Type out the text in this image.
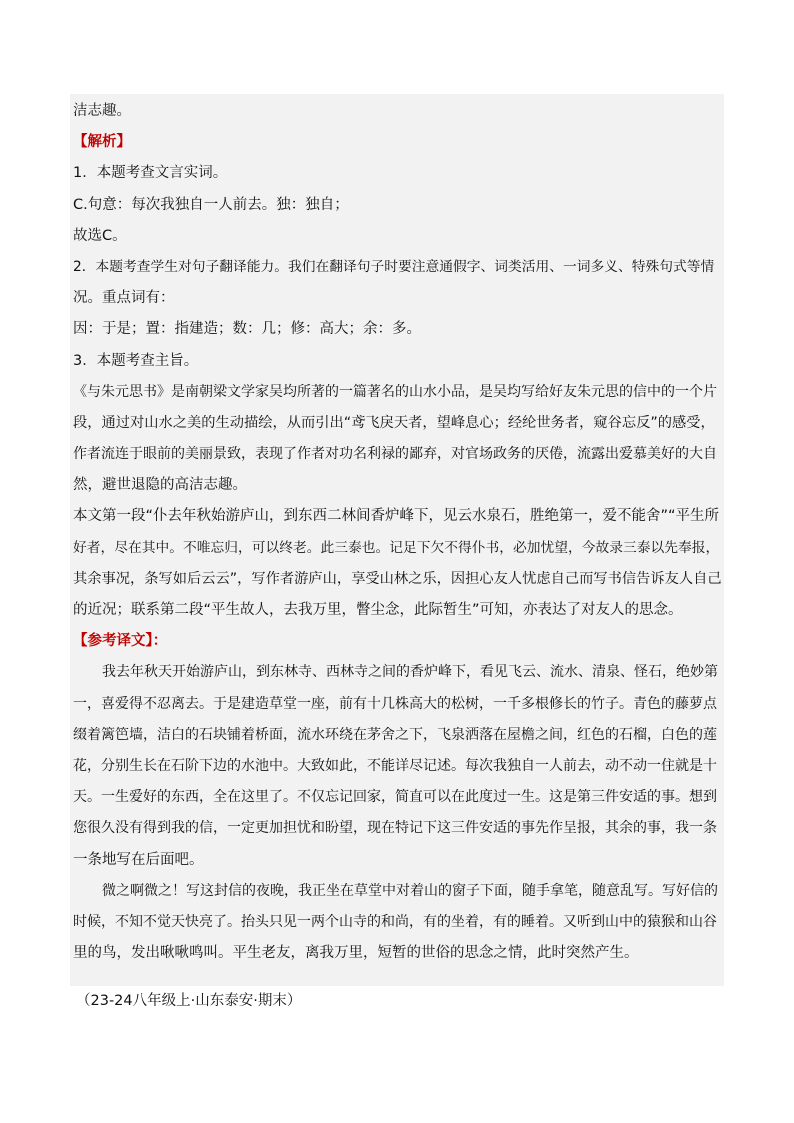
洁志趣。
【解析】
1．本题考查文言实词。
C.句意：每次我独自一人前去。独：独自；
故选C。
2．本题考查学生对句子翻译能力。我们在翻译句子时要注意通假字、词类活用、一词多义、特殊句式等情
况。重点词有：
因：于是；置：指建造；数：几；修：高大；余：多。
3．本题考查主旨。
《与朱元思书》是南朝梁文学家吴均所著的一篇著名的山水小品，是吴均写给好友朱元思的信中的一个片
段，通过对山水之美的生动描绘，从而引出“鸢飞戾天者，望峰息心；经纶世务者，窥谷忘反”的感受，
作者流连于眼前的美丽景致，表现了作者对功名利禄的鄙弃，对官场政务的厌倦，流露出爱慕美好的大自
然，避世退隐的高洁志趣。
本文第一段“仆去年秋始游庐山，到东西二林间香炉峰下，见云水泉石，胜绝第一，爱不能舍”“平生所
好者，尽在其中。不唯忘归，可以终老。此三泰也。记足下欠不得仆书，必加忧望，今故录三泰以先奉报，
其余事况，条写如后云云”，写作者游庐山，享受山林之乐，因担心友人忧虑自己而写书信告诉友人自己
的近况；联系第二段“平生故人，去我万里，瞥尘念，此际暂生”可知，亦表达了对友人的思念。
【参考译文】：
我去年秋天开始游庐山，到东林寺、西林寺之间的香炉峰下，看见飞云、流水、清泉、怪石，绝妙第
一，喜爱得不忍离去。于是建造草堂一座，前有十几株高大的松树，一千多根修长的竹子。青色的藤萝点
缀着篱笆墙，洁白的石块铺着桥面，流水环绕在茅舍之下，飞泉洒落在屋檐之间，红色的石榴，白色的莲
花，分别生长在石阶下边的水池中。大致如此，不能详尽记述。每次我独自一人前去，动不动一住就是十
天。一生爱好的东西，全在这里了。不仅忘记回家，简直可以在此度过一生。这是第三件安适的事。想到
您很久没有得到我的信，一定更加担忧和盼望，现在特记下这三件安适的事先作呈报，其余的事，我一条
一条地写在后面吧。
微之啊微之！写这封信的夜晚，我正坐在草堂中对着山的窗子下面，随手拿笔，随意乱写。写好信的
时候，不知不觉天快亮了。抬头只见一两个山寺的和尚，有的坐着，有的睡着。又听到山中的猿猴和山谷
里的鸟，发出啾啾鸣叫。平生老友，离我万里，短暂的世俗的思念之情，此时突然产生。
（23-24八年级上·山东泰安·期末）
